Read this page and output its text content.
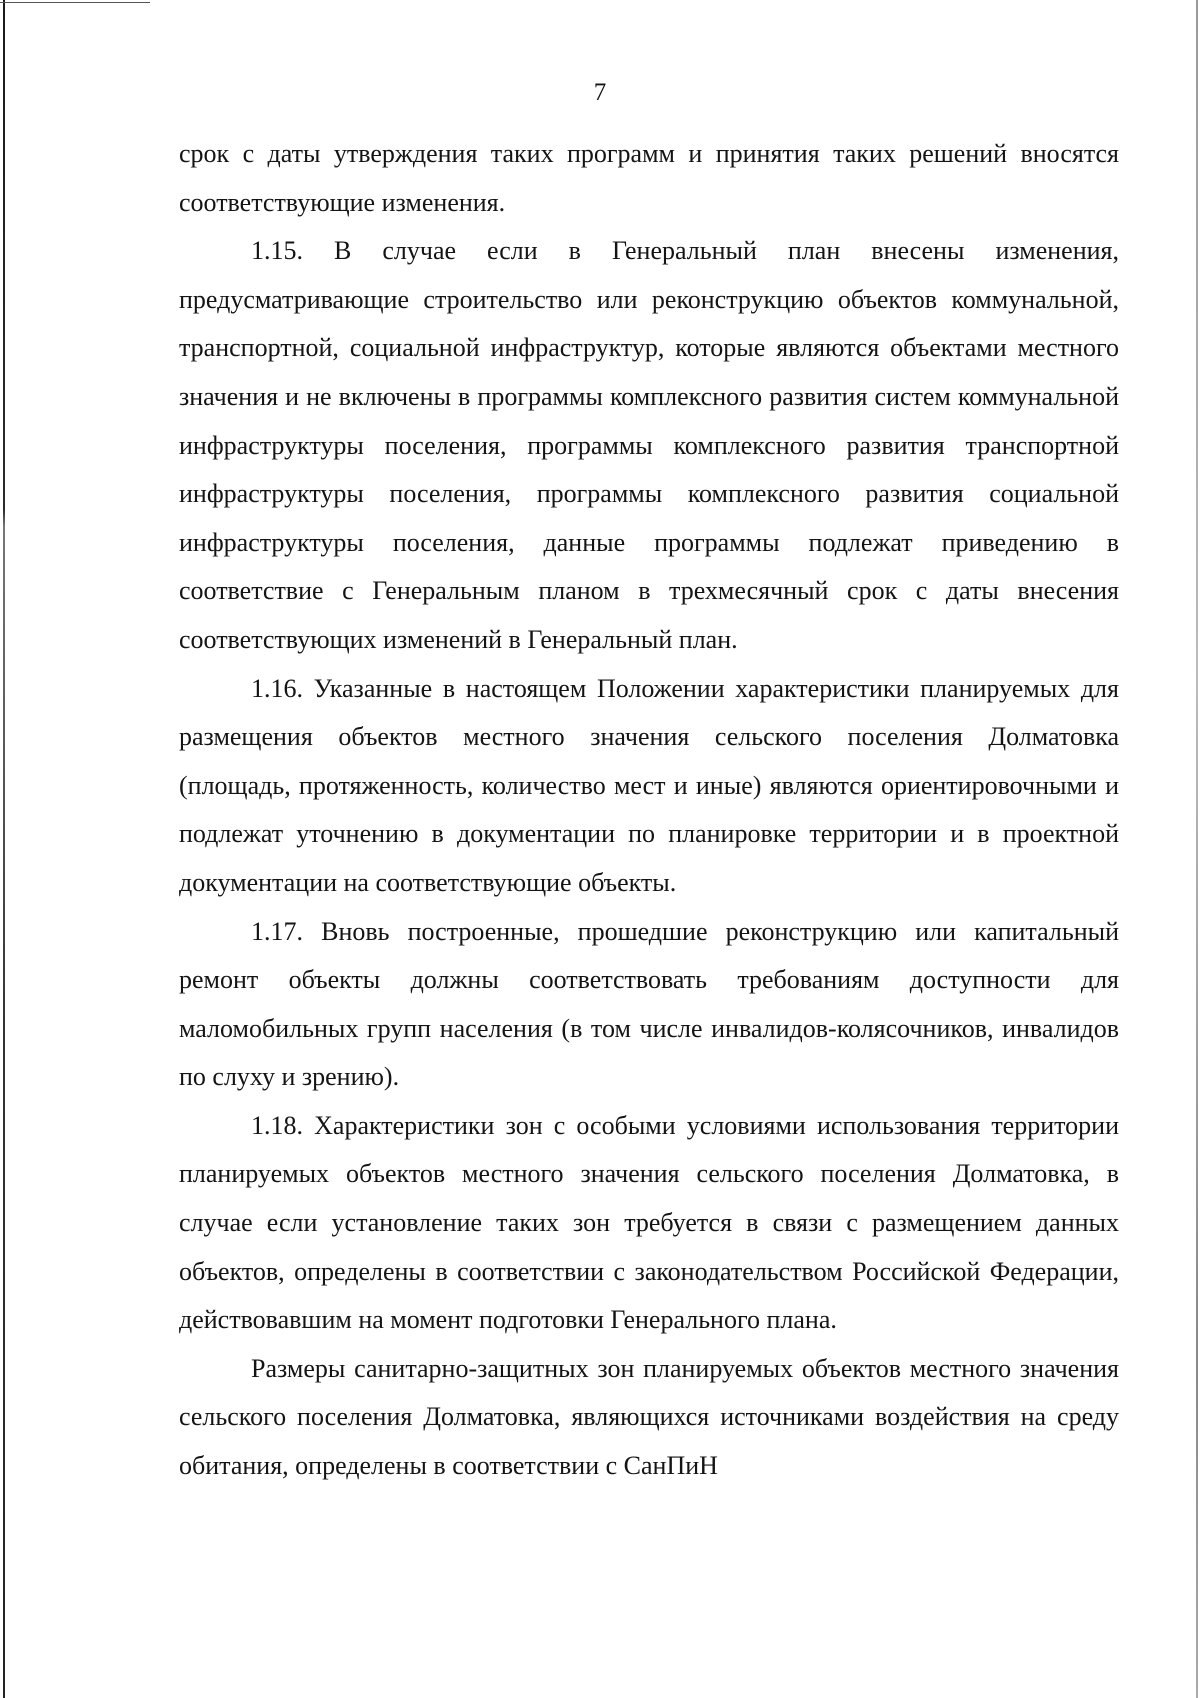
7

срок с даты утверждения таких программ и принятия таких решений вносятся соответствующие изменения.

1.15. В случае если в Генеральный план внесены изменения, предусматривающие строительство или реконструкцию объектов коммунальной, транспортной, социальной инфраструктур, которые являются объектами местного значения и не включены в программы комплексного развития систем коммунальной инфраструктуры поселения, программы комплексного развития транспортной инфраструктуры поселения, программы комплексного развития социальной инфраструктуры поселения, данные программы подлежат приведению в соответствие с Генеральным планом в трехмесячный срок с даты внесения соответствующих изменений в Генеральный план.

1.16. Указанные в настоящем Положении характеристики планируемых для размещения объектов местного значения сельского поселения Долматовка (площадь, протяженность, количество мест и иные) являются ориентировочными и подлежат уточнению в документации по планировке территории и в проектной документации на соответствующие объекты.

1.17. Вновь построенные, прошедшие реконструкцию или капитальный ремонт объекты должны соответствовать требованиям доступности для маломобильных групп населения (в том числе инвалидов-колясочников, инвалидов по слуху и зрению).

1.18. Характеристики зон с особыми условиями использования территории планируемых объектов местного значения сельского поселения Долматовка, в случае если установление таких зон требуется в связи с размещением данных объектов, определены в соответствии с законодательством Российской Федерации, действовавшим на момент подготовки Генерального плана.

Размеры санитарно-защитных зон планируемых объектов местного значения сельского поселения Долматовка, являющихся источниками воздействия на среду обитания, определены в соответствии с СанПиН
